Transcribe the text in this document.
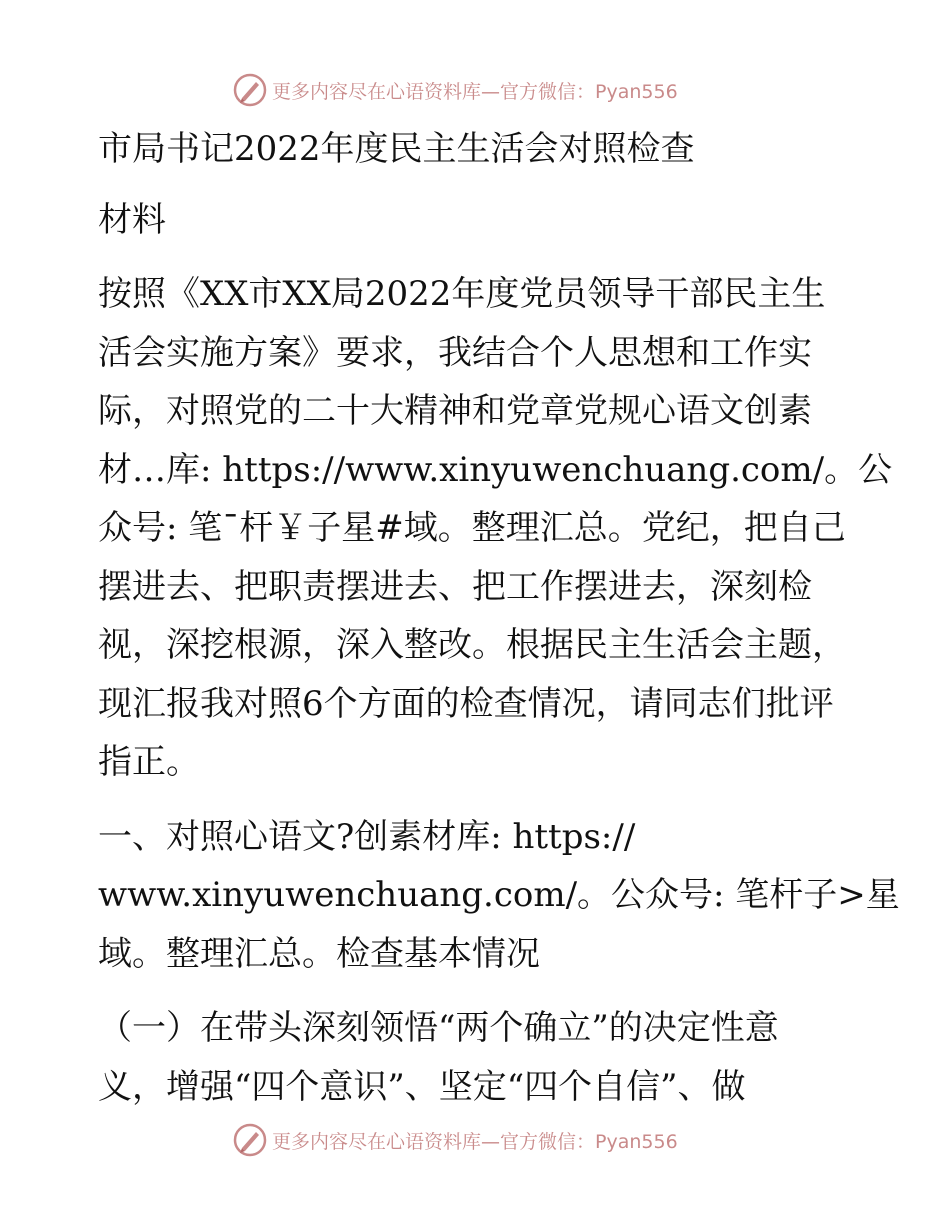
更多内容尽在心语资料库—官方微信：Pyan556
市局书记2022年度民主生活会对照检查
材料
按照《XX市XX局2022年度党员领导干部民主生
活会实施方案》要求，我结合个人思想和工作实
际，对照党的二十大精神和党章党规心语文创素
材…库: https://www.xinyuwenchuang.com/。公
众号: 笔¯杆￥子星#域。整理汇总。党纪，把自己
摆进去、把职责摆进去、把工作摆进去，深刻检
视，深挖根源，深入整改。根据民主生活会主题，
现汇报我对照6个方面的检查情况，请同志们批评
指正。
一、对照心语文?创素材库: https://
www.xinyuwenchuang.com/。公众号: 笔杆子>星
域。整理汇总。检查基本情况
（一）在带头深刻领悟“两个确立”的决定性意
义，增强“四个意识”、坚定“四个自信”、做
更多内容尽在心语资料库—官方微信：Pyan556
